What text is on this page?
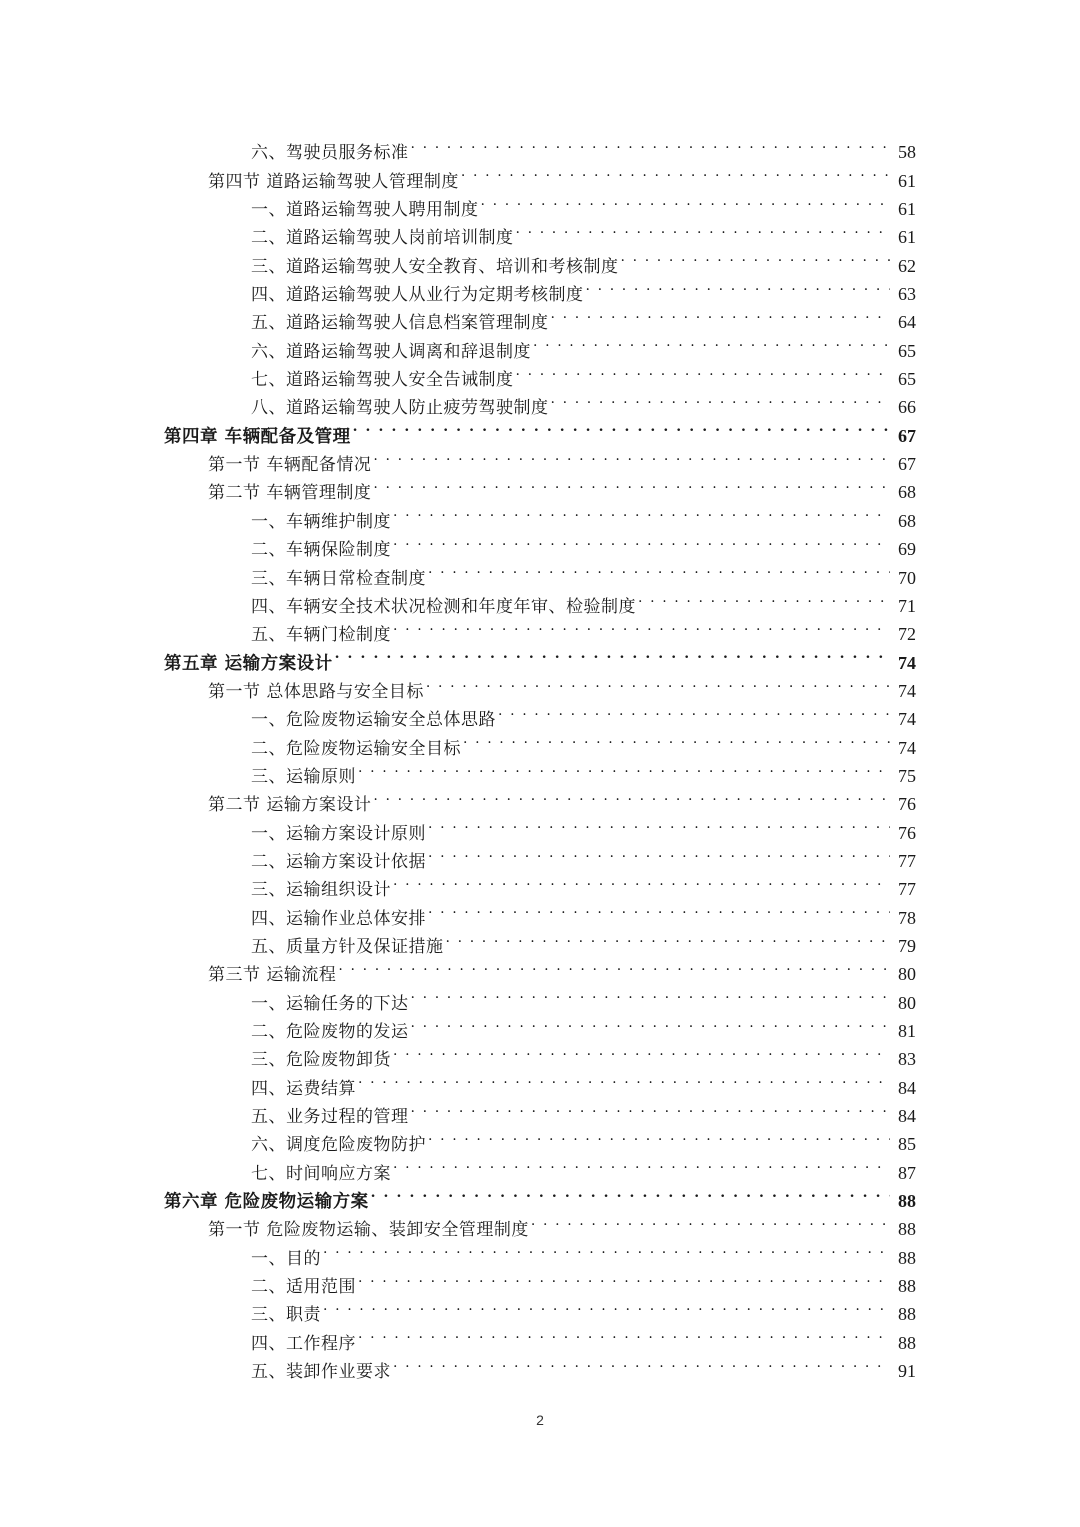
六、驾驶员服务标准 . . .	58
第四节 道路运输驾驶人管理制度 . . .	61
一、道路运输驾驶人聘用制度 . . .	61
二、道路运输驾驶人岗前培训制度 . . .	61
三、道路运输驾驶人安全教育、培训和考核制度 . . .	62
四、道路运输驾驶人从业行为定期考核制度 . . .	63
五、道路运输驾驶人信息档案管理制度 . . .	64
六、道路运输驾驶人调离和辞退制度 . . .	65
七、道路运输驾驶人安全告诫制度 . . .	65
八、道路运输驾驶人防止疲劳驾驶制度 . . .	66
第四章 车辆配备及管理 . . .	67
第一节 车辆配备情况 . . .	67
第二节 车辆管理制度 . . .	68
一、车辆维护制度 . . .	68
二、车辆保险制度 . . .	69
三、车辆日常检查制度 . . .	70
四、车辆安全技术状况检测和年度年审、检验制度 . . .	71
五、车辆门检制度 . . .	72
第五章 运输方案设计 . . .	74
第一节 总体思路与安全目标 . . .	74
一、危险废物运输安全总体思路 . . .	74
二、危险废物运输安全目标 . . .	74
三、运输原则 . . .	75
第二节 运输方案设计 . . .	76
一、运输方案设计原则 . . .	76
二、运输方案设计依据 . . .	77
三、运输组织设计 . . .	77
四、运输作业总体安排 . . .	78
五、质量方针及保证措施 . . .	79
第三节 运输流程 . . .	80
一、运输任务的下达 . . .	80
二、危险废物的发运 . . .	81
三、危险废物卸货 . . .	83
四、运费结算 . . .	84
五、业务过程的管理 . . .	84
六、调度危险废物防护 . . .	85
七、时间响应方案 . . .	87
第六章 危险废物运输方案 . . .	88
第一节 危险废物运输、装卸安全管理制度 . . .	88
一、目的 . . .	88
二、适用范围 . . .	88
三、职责 . . .	88
四、工作程序 . . .	88
五、装卸作业要求 . . .	91
2
